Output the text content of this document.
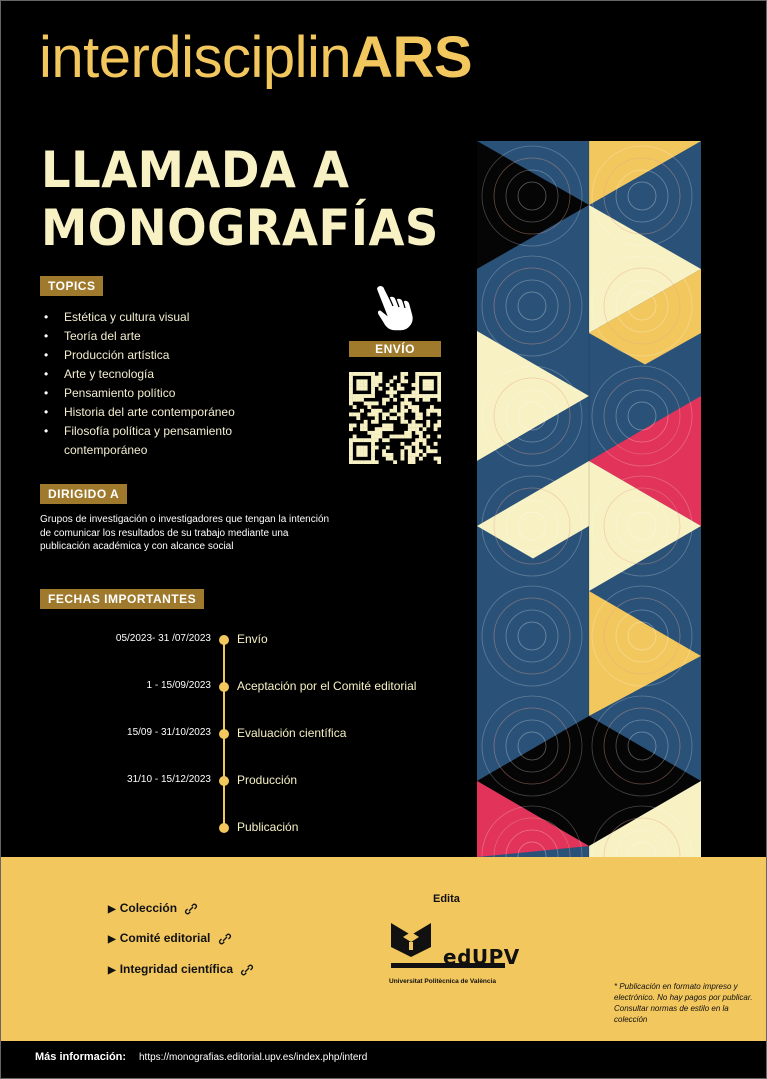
interdisciplinARS
LLAMADA A
MONOGRAFÍAS
TOPICS
• Estética y cultura visual
• Teoría del arte
• Producción artística
• Arte y tecnología
• Pensamiento político
• Historia del arte contemporáneo
• Filosofía política y pensamiento contemporáneo
ENVÍO
DIRIGIDO A
Grupos de investigación o investigadores que tengan la intención de comunicar los resultados de su trabajo mediante una publicación académica y con alcance social
FECHAS IMPORTANTES
05/2023- 31 /07/2023 Envío
1 - 15/09/2023 Aceptación por el Comité editorial
15/09 - 31/10/2023 Evaluación científica
31/10 - 15/12/2023 Producción
Publicación
▶ Colección
▶ Comité editorial
▶ Integridad científica
Edita
edUPV
Universitat Politècnica de València
* Publicación en formato impreso y electrónico. No hay pagos por publicar. Consultar normas de estilo en la colección
Más información: https://monografias.editorial.upv.es/index.php/interd
